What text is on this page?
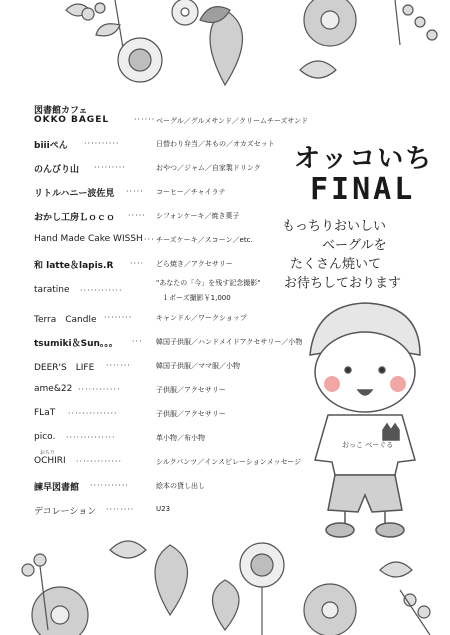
図書館カフェ
OKKO BAGEL	······ ベーグル／グルメサンド／クリームチーズサンド
biiiぺん ··········	日替わり弁当／丼もの／オカズセット
のんびり山 ·········	おやつ／ジャム／自家製ドリンク
リトルハニー波佐見 ····· コーヒー／チャイラテ
おかし工房Ｌｏｃｏ ····· シフォンケーキ／焼き菓子
Hand Made Cake WISSH ··· チーズケーキ／スコーン／etc.
和 latte＆lapis.R ···· どら焼き／アクセサリー
taratine ············
"あなたの「今」を残す記念撮影"
１ポーズ撮影￥1,000
Terra　Candle ········	キャンドル／ワークショップ
tsumiki＆Sun。。。 ··· 韓国子供服／ハンドメイドアクセサリー／小物
DEER'S　LIFE ·······	韓国子供服／ママ服／小物
ame&22 ············	子供服／アクセサリー
FLaT ··············	子供服／アクセサリー
pico. ··············	革小物／布小物
おちり
OCHIRI ·············	シルクパンツ／インスピレーションメッセージ
諫早図書館 ···········	絵本の貸し出し
デコレーション ········	U23
オッコいち
FINAL
もっちりおいしい
ベーグルを
たくさん焼いて
お待ちしております
おっこ べーぐる
